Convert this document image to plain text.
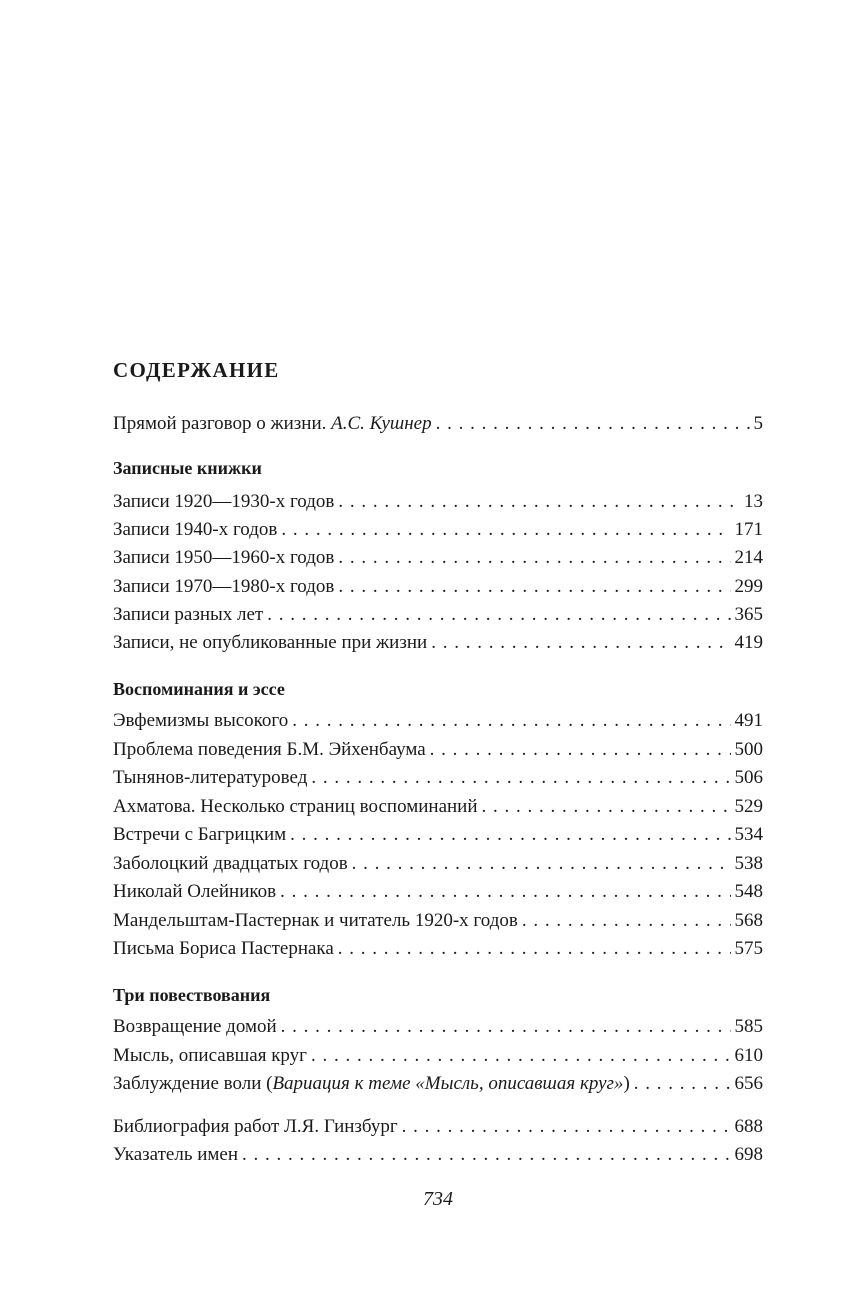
СОДЕРЖАНИЕ
Прямой разговор о жизни. А.С. Кушнер . . .	5
Записные книжки
Записи 1920—1930-х годов . . .	13
Записи 1940-х годов . . .	171
Записи 1950—1960-х годов . . .	214
Записи 1970—1980-х годов . . .	299
Записи разных лет . . .	365
Записи, не опубликованные при жизни . . .	419
Воспоминания и эссе
Эвфемизмы высокого . . .	491
Проблема поведения Б.М. Эйхенбаума . . .	500
Тынянов-литературовед . . .	506
Ахматова. Несколько страниц воспоминаний . . .	529
Встречи с Багрицким . . .	534
Заболоцкий двадцатых годов . . .	538
Николай Олейников . . .	548
Мандельштам-Пастернак и читатель 1920-х годов . . .	568
Письма Бориса Пастернака . . .	575
Три повествования
Возвращение домой . . .	585
Мысль, описавшая круг . . .	610
Заблуждение воли (Вариация к теме «Мысль, описавшая круг») . . .	656
Библиография работ Л.Я. Гинзбург . . .	688
Указатель имен . . .	698
734
